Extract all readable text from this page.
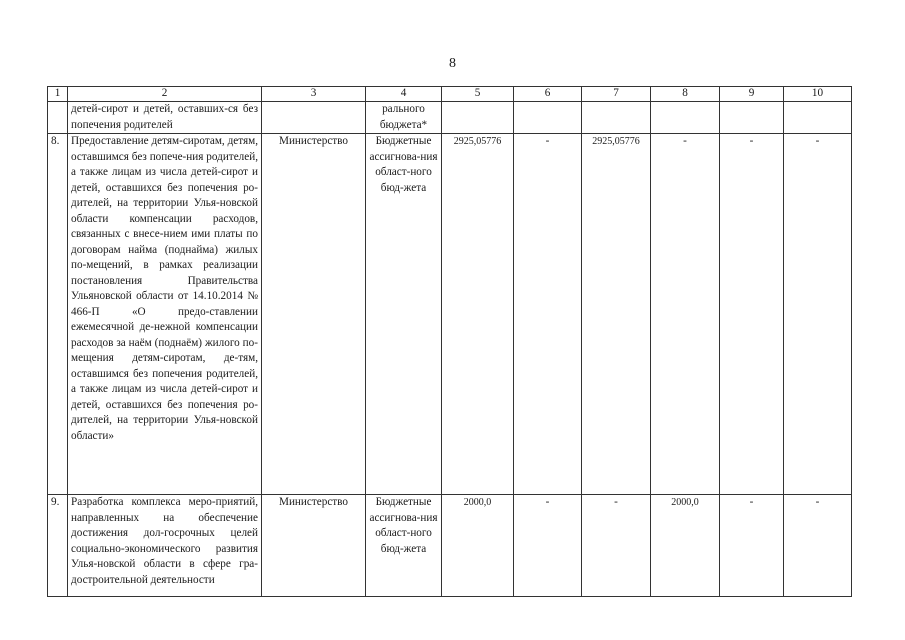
8
1	2	3	4	5	6	7	8	9	10
	детей-сирот и детей, оставших-ся без попечения родителей		рального бюджета*						
8.	Предоставление детям-сиротам, детям, оставшимся без попече-ния родителей, а также лицам из числа детей-сирот и детей, оставшихся без попечения ро-дителей, на территории Улья-новской области компенсации расходов, связанных с внесе-нием ими платы по договорам найма (поднайма) жилых по-мещений, в рамках реализации постановления Правительства Ульяновской области от 14.10.2014 № 466-П «О предо-ставлении ежемесячной де-нежной компенсации расходов за наём (поднаём) жилого по-мещения детям-сиротам, де-тям, оставшимся без попечения родителей, а также лицам из числа детей-сирот и детей, оставшихся без попечения ро-дителей, на территории Улья-новской области»	Министерство	Бюджетные ассигнова-ния област-ного бюд-жета	2925,05776	-	2925,05776	-	-	-
9.	Разработка комплекса меро-приятий, направленных на обеспечение достижения дол-госрочных целей социально-экономического развития Улья-новской области в сфере гра-достроительной деятельности	Министерство	Бюджетные ассигнова-ния област-ного бюд-жета	2000,0	-	-	2000,0	-	-
